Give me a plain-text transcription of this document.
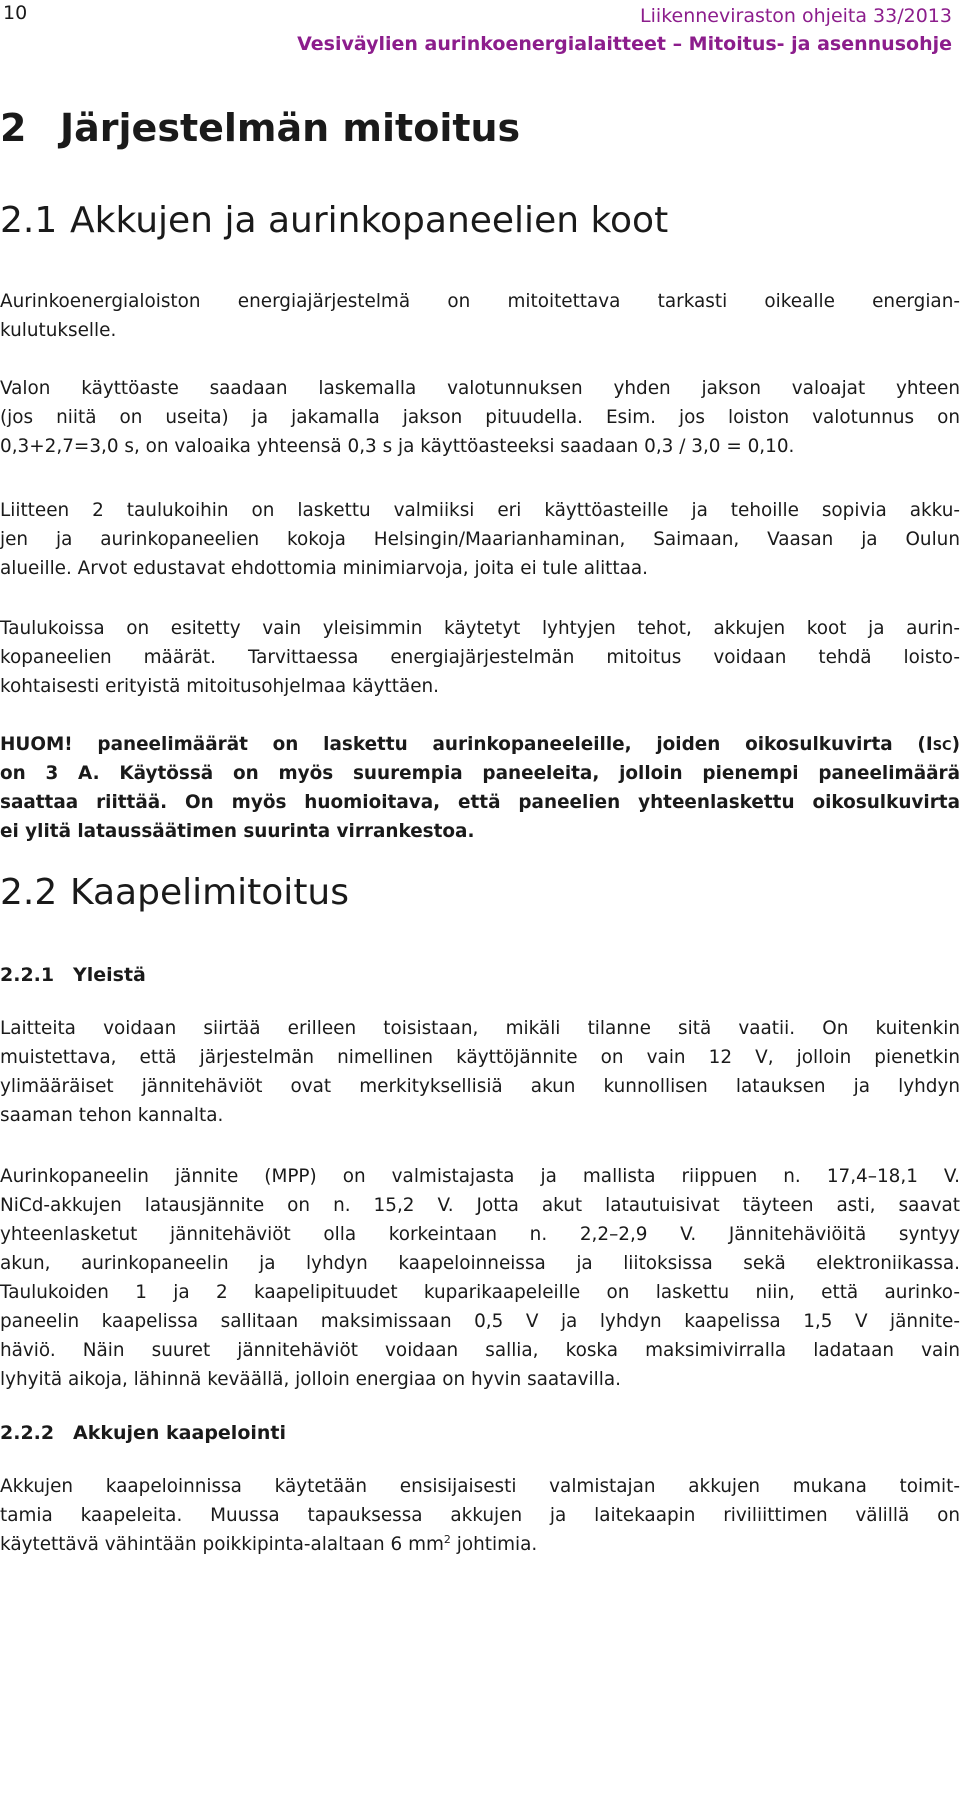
10	Liikenneviraston ohjeita 33/2013
Vesiväylien aurinkoenergialaitteet – Mitoitus- ja asennusohje
2 Järjestelmän mitoitus
2.1 Akkujen ja aurinkopaneelien koot
Aurinkoenergialoiston energiajärjestelmä on mitoitettava tarkasti oikealle energian-
kulutukselle.
Valon käyttöaste saadaan laskemalla valotunnuksen yhden jakson valoajat yhteen
(jos niitä on useita) ja jakamalla jakson pituudella. Esim. jos loiston valotunnus on
0,3+2,7=3,0 s, on valoaika yhteensä 0,3 s ja käyttöasteeksi saadaan 0,3 / 3,0 = 0,10.
Liitteen 2 taulukoihin on laskettu valmiiksi eri käyttöasteille ja tehoille sopivia akku-
jen ja aurinkopaneelien kokoja Helsingin/Maarianhaminan, Saimaan, Vaasan ja Oulun
alueille. Arvot edustavat ehdottomia minimiarvoja, joita ei tule alittaa.
Taulukoissa on esitetty vain yleisimmin käytetyt lyhtyjen tehot, akkujen koot ja aurin-
kopaneelien määrät. Tarvittaessa energiajärjestelmän mitoitus voidaan tehdä loisto-
kohtaisesti erityistä mitoitusohjelmaa käyttäen.
HUOM! paneelimäärät on laskettu aurinkopaneeleille, joiden oikosulkuvirta (ISC)
on 3 A. Käytössä on myös suurempia paneeleita, jolloin pienempi paneelimäärä
saattaa riittää. On myös huomioitava, että paneelien yhteenlaskettu oikosulkuvirta
ei ylitä lataussäätimen suurinta virrankestoa.
2.2 Kaapelimitoitus
2.2.1 Yleistä
Laitteita voidaan siirtää erilleen toisistaan, mikäli tilanne sitä vaatii. On kuitenkin
muistettava, että järjestelmän nimellinen käyttöjännite on vain 12 V, jolloin pienetkin
ylimääräiset jännitehäviöt ovat merkityksellisiä akun kunnollisen latauksen ja lyhdyn
saaman tehon kannalta.
Aurinkopaneelin jännite (MPP) on valmistajasta ja mallista riippuen n. 17,4–18,1 V.
NiCd-akkujen latausjännite on n. 15,2 V. Jotta akut latautuisivat täyteen asti, saavat
yhteenlasketut jännitehäviöt olla korkeintaan n. 2,2–2,9 V. Jännitehäviöitä syntyy
akun, aurinkopaneelin ja lyhdyn kaapeloinneissa ja liitoksissa sekä elektroniikassa.
Taulukoiden 1 ja 2 kaapelipituudet kuparikaapeleille on laskettu niin, että aurinko-
paneelin kaapelissa sallitaan maksimissaan 0,5 V ja lyhdyn kaapelissa 1,5 V jännite-
häviö. Näin suuret jännitehäviöt voidaan sallia, koska maksimivirralla ladataan vain
lyhyitä aikoja, lähinnä keväällä, jolloin energiaa on hyvin saatavilla.
2.2.2 Akkujen kaapelointi
Akkujen kaapeloinnissa käytetään ensisijaisesti valmistajan akkujen mukana toimit-
tamia kaapeleita. Muussa tapauksessa akkujen ja laitekaapin riviliittimen välillä on
käytettävä vähintään poikkipinta-alaltaan 6 $mm^2$ johtimia.
